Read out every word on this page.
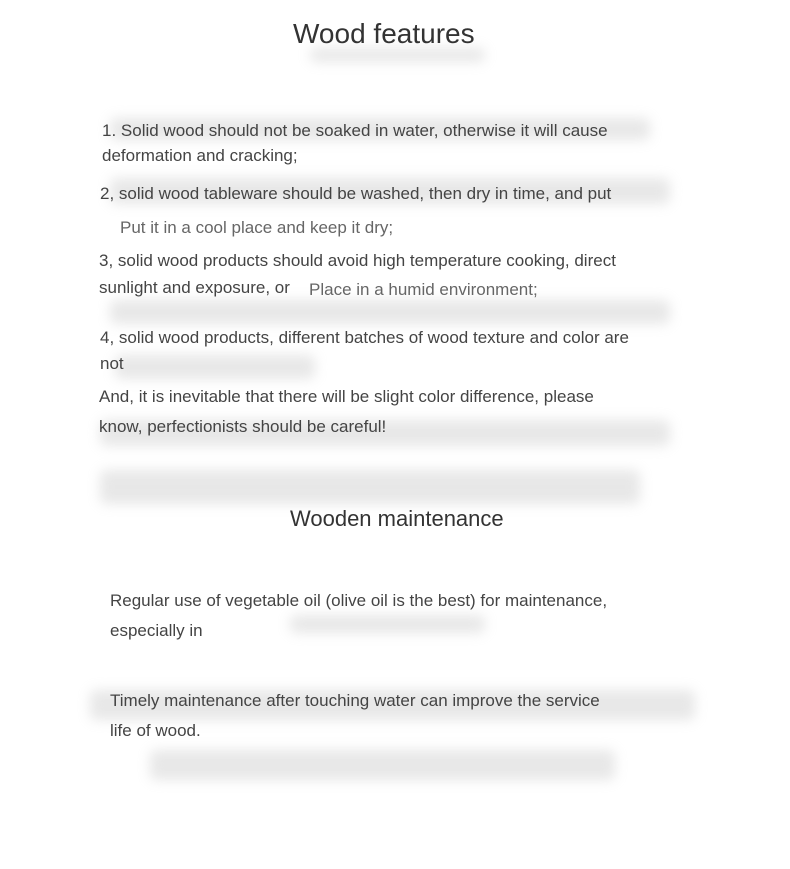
Wood features

1. Solid wood should not be soaked in water, otherwise it will cause

deformation and cracking;

2, solid wood tableware should be washed, then dry in time, and put

Put it in a cool place and keep it dry;

3, solid wood products should avoid high temperature cooking, direct

sunlight and exposure, or Place in a humid environment;

4, solid wood products, different batches of wood texture and color are

not

And, it is inevitable that there will be slight color difference, please

know, perfectionists should be careful!

Wooden maintenance

Regular use of vegetable oil (olive oil is the best) for maintenance,

especially in

Timely maintenance after touching water can improve the service

life of wood.
